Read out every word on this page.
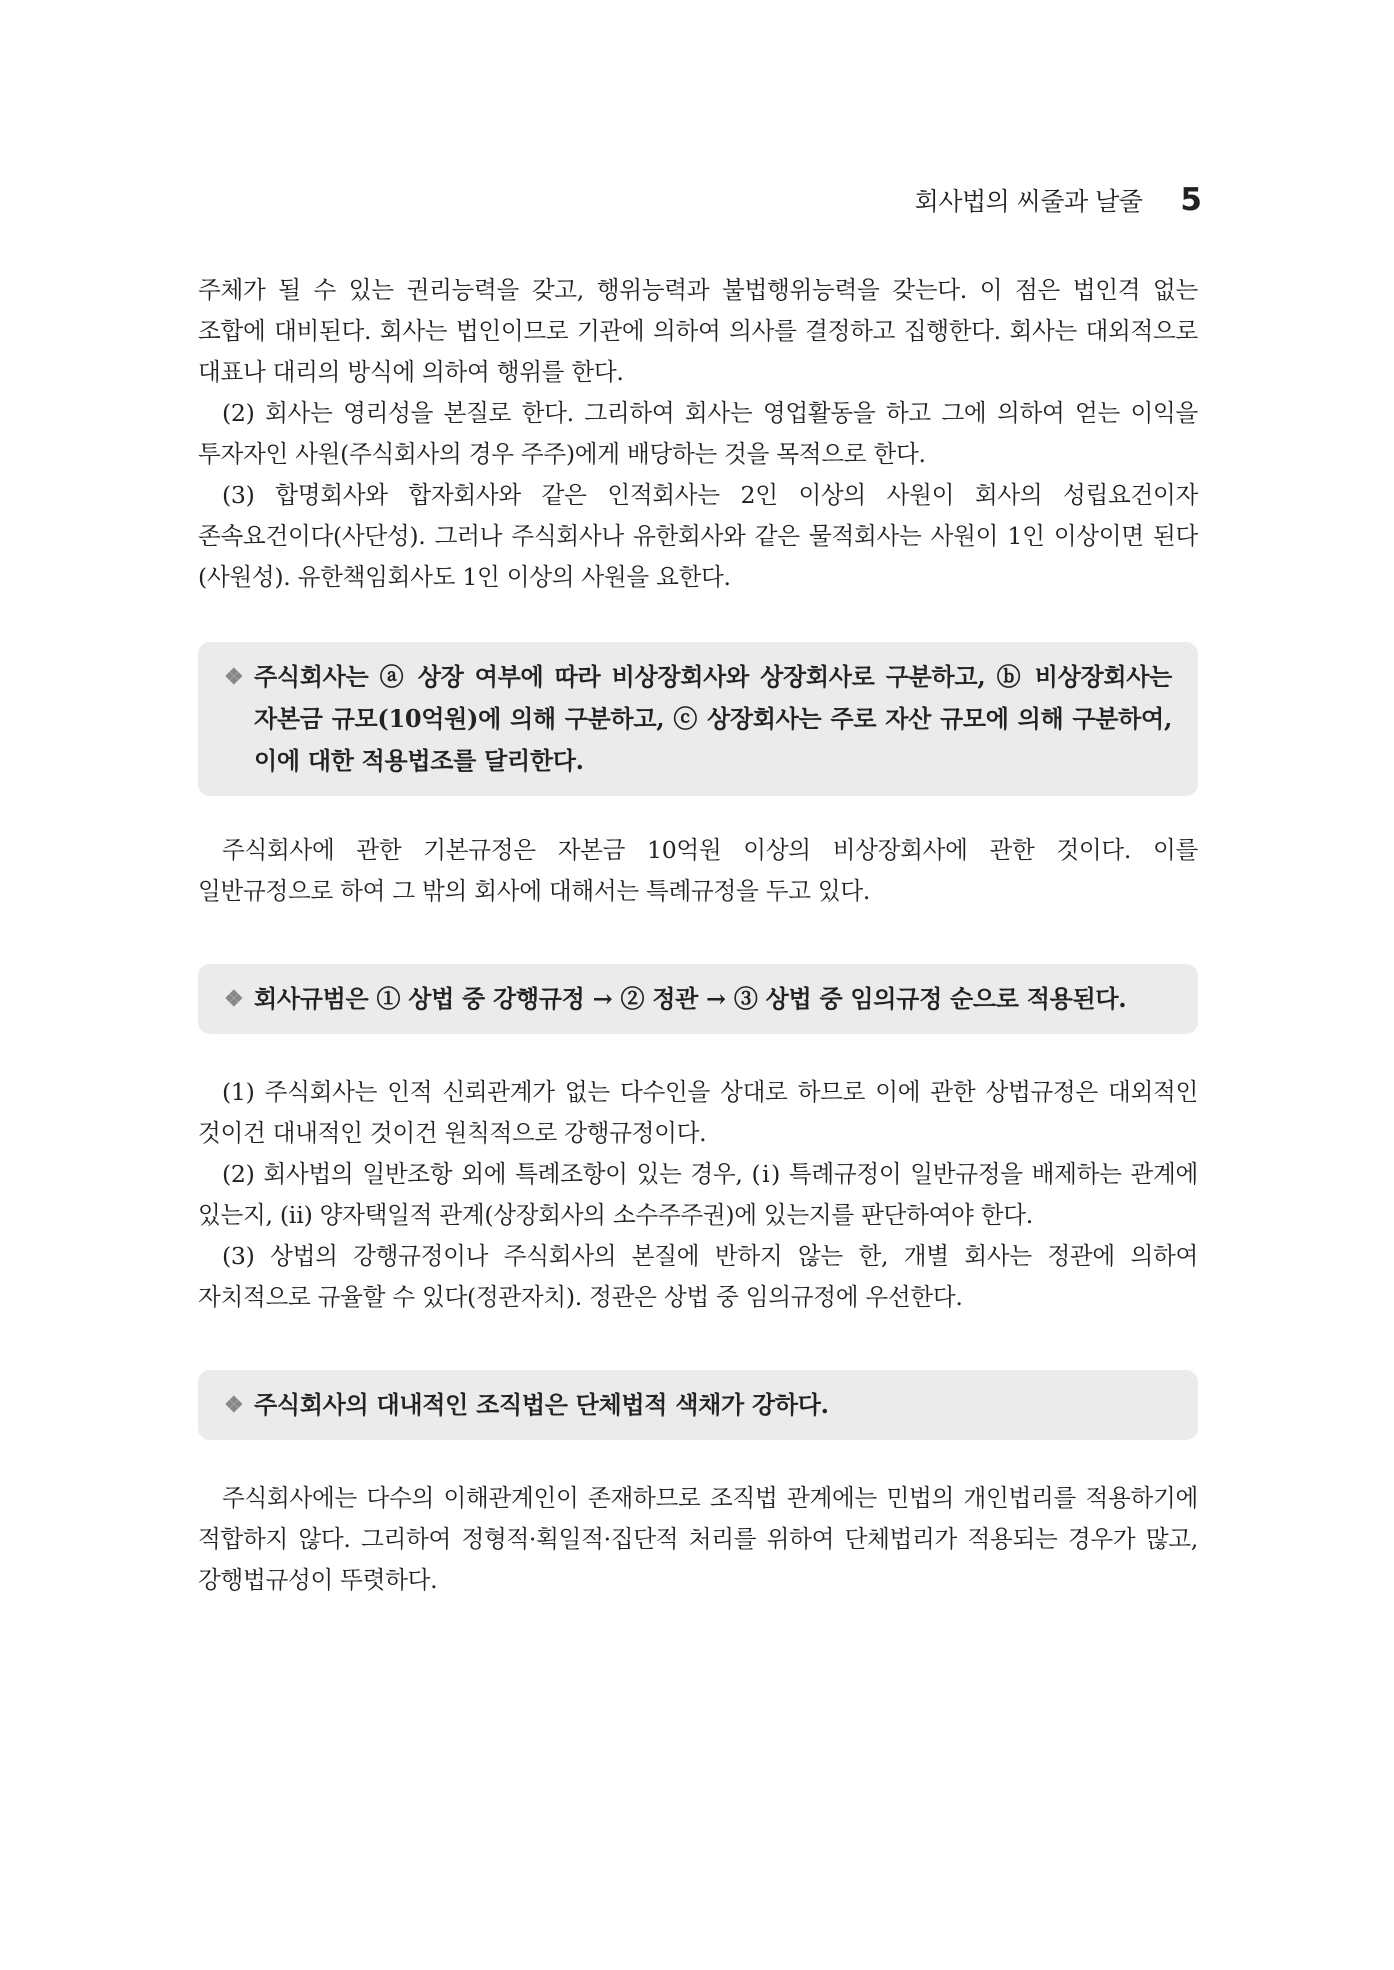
회사법의 씨줄과 날줄 5

주체가 될 수 있는 권리능력을 갖고, 행위능력과 불법행위능력을 갖는다. 이 점은 법인격 없는 조합에 대비된다. 회사는 법인이므로 기관에 의하여 의사를 결정하고 집행한다. 회사는 대외적으로 대표나 대리의 방식에 의하여 행위를 한다.

(2) 회사는 영리성을 본질로 한다. 그리하여 회사는 영업활동을 하고 그에 의하여 얻는 이익을 투자자인 사원(주식회사의 경우 주주)에게 배당하는 것을 목적으로 한다.

(3) 합명회사와 합자회사와 같은 인적회사는 2인 이상의 사원이 회사의 성립요건이자 존속요건이다(사단성). 그러나 주식회사나 유한회사와 같은 물적회사는 사원이 1인 이상이면 된다(사원성). 유한책임회사도 1인 이상의 사원을 요한다.

❖ 주식회사는 ⓐ 상장 여부에 따라 비상장회사와 상장회사로 구분하고, ⓑ 비상장회사는 자본금 규모(10억원)에 의해 구분하고, ⓒ 상장회사는 주로 자산 규모에 의해 구분하여, 이에 대한 적용법조를 달리한다.

주식회사에 관한 기본규정은 자본금 10억원 이상의 비상장회사에 관한 것이다. 이를 일반규정으로 하여 그 밖의 회사에 대해서는 특례규정을 두고 있다.

❖ 회사규범은 ① 상법 중 강행규정 → ② 정관 → ③ 상법 중 임의규정 순으로 적용된다.

(1) 주식회사는 인적 신뢰관계가 없는 다수인을 상대로 하므로 이에 관한 상법규정은 대외적인 것이건 대내적인 것이건 원칙적으로 강행규정이다.

(2) 회사법의 일반조항 외에 특례조항이 있는 경우, (ⅰ) 특례규정이 일반규정을 배제하는 관계에 있는지, (ⅱ) 양자택일적 관계(상장회사의 소수주주권)에 있는지를 판단하여야 한다.

(3) 상법의 강행규정이나 주식회사의 본질에 반하지 않는 한, 개별 회사는 정관에 의하여 자치적으로 규율할 수 있다(정관자치). 정관은 상법 중 임의규정에 우선한다.

❖ 주식회사의 대내적인 조직법은 단체법적 색채가 강하다.

주식회사에는 다수의 이해관계인이 존재하므로 조직법 관계에는 민법의 개인법리를 적용하기에 적합하지 않다. 그리하여 정형적·획일적·집단적 처리를 위하여 단체법리가 적용되는 경우가 많고, 강행법규성이 뚜렷하다.
